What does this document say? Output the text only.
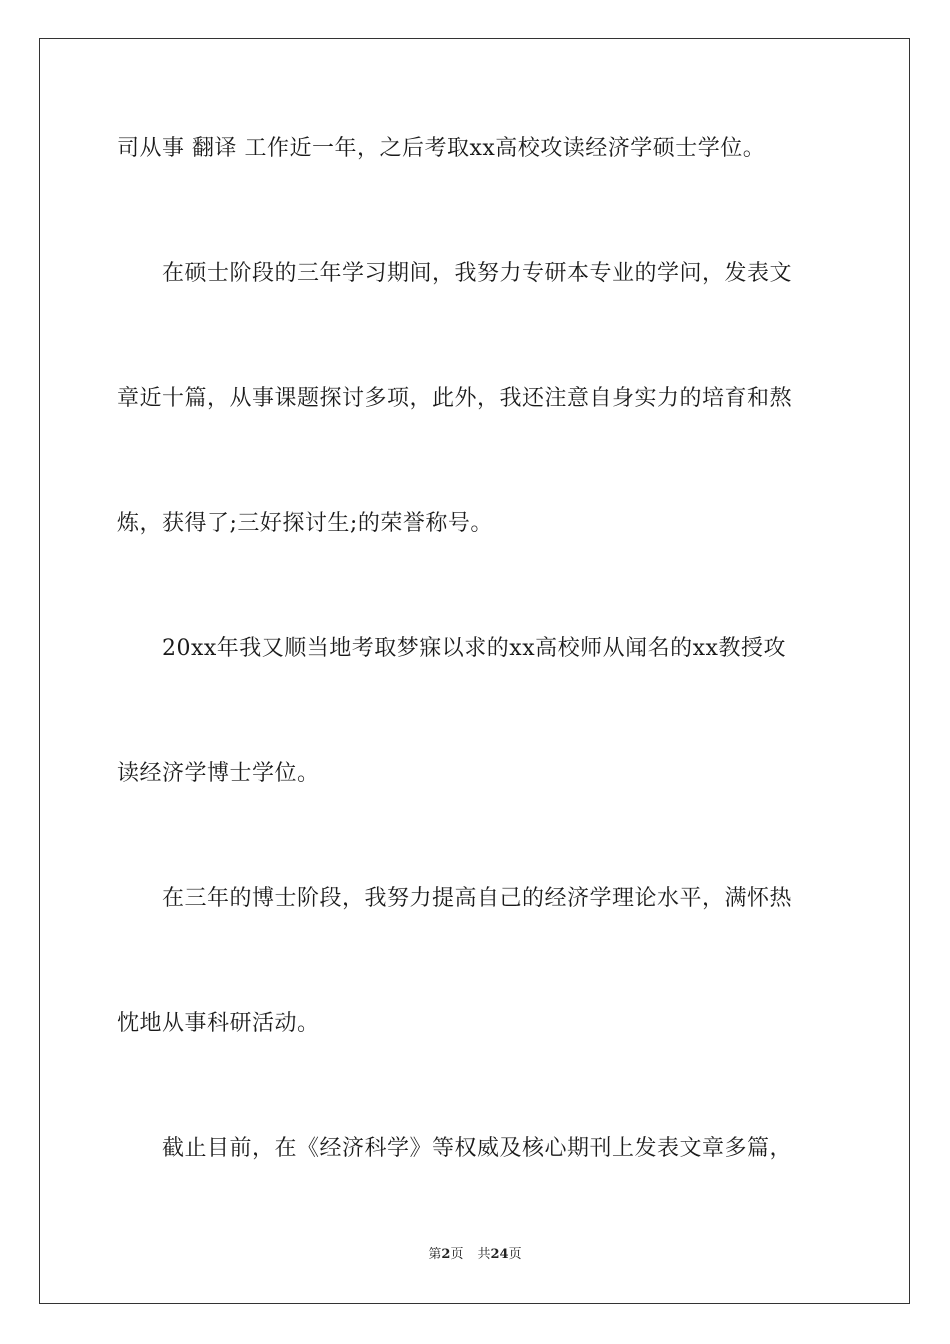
司从事 翻译 工作近一年，之后考取xx高校攻读经济学硕士学位。
在硕士阶段的三年学习期间，我努力专研本专业的学问，发表文
章近十篇，从事课题探讨多项，此外，我还注意自身实力的培育和熬
炼，获得了;三好探讨生;的荣誉称号。
20xx年我又顺当地考取梦寐以求的xx高校师从闻名的xx教授攻
读经济学博士学位。
在三年的博士阶段，我努力提高自己的经济学理论水平，满怀热
忱地从事科研活动。
截止目前，在《经济科学》等权威及核心期刊上发表文章多篇，
第2页 共24页
